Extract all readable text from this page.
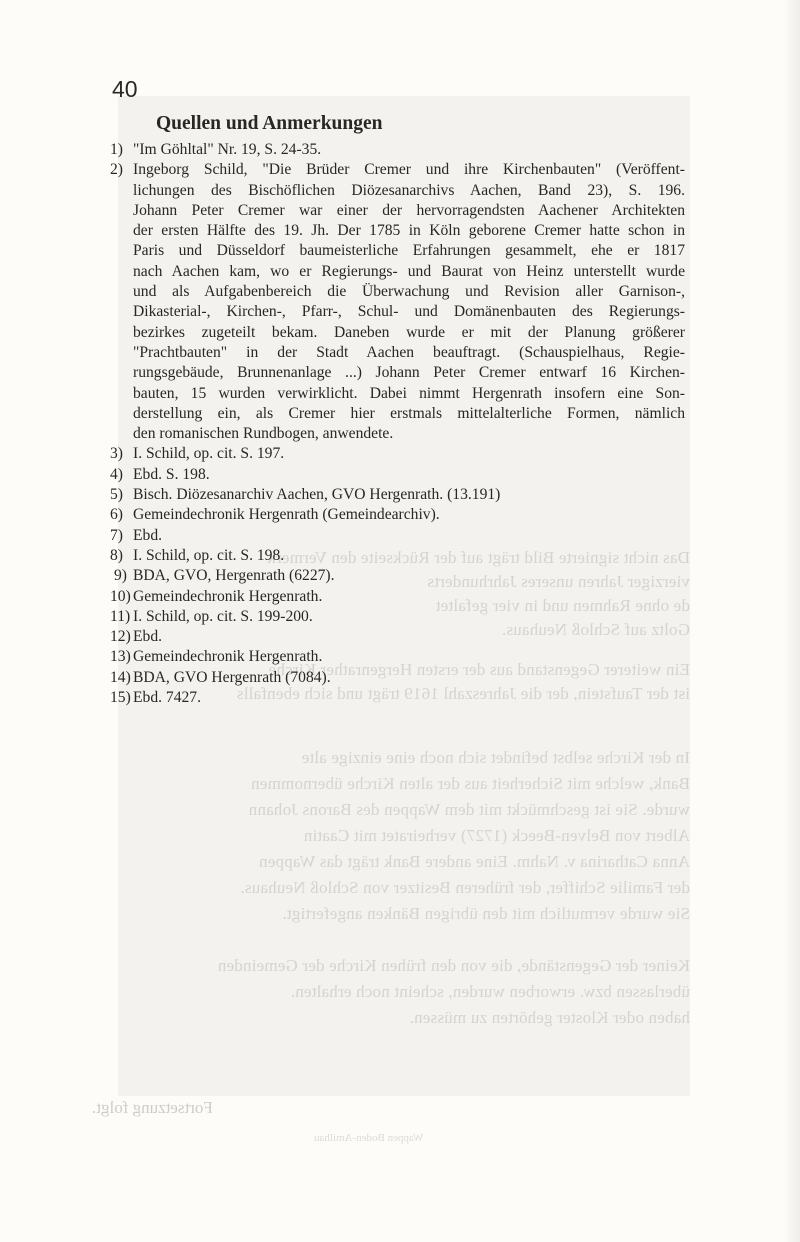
Das nicht signierte Bild trägt auf der Rückseite den Vermerk
vierziger Jahren unseres Jahrhunderts
de ohne Rahmen und in vier gefaltet
Goltz auf Schloß Neuhaus.
Ein weiterer Gegenstand aus der ersten Hergenrather Kirche
ist der Taufstein, der die Jahreszahl 1619 trägt und sich ebenfalls
In der Kirche selbst befindet sich noch eine einzige alte
Bank, welche mit Sicherheit aus der alten Kirche übernommen
wurde. Sie ist geschmückt mit dem Wappen des Barons Johann
Albert von Belven-Beeck (1727) verheiratet mit Caatin
Anna Catharina v. Nahm. Eine andere Bank trägt das Wappen
der Familie Schiffer, der früheren Besitzer von Schloß Neuhaus.
Sie wurde vermutlich mit den übrigen Bänken angefertigt.
Keiner der Gegenstände, die von den frühen Kirche der Gemeinden
überlassen bzw. erworben wurden, scheint noch erhalten.
haben oder Kloster gehörten zu müssen.
Fortsetzung folgt.
Wappen Boden-Amilhau
40
Quellen und Anmerkungen
1) "Im Göhltal" Nr. 19, S. 24-35.
2) Ingeborg Schild, "Die Brüder Cremer und ihre Kirchenbauten" (Veröffent-
lichungen des Bischöflichen Diözesanarchivs Aachen, Band 23), S. 196.
Johann Peter Cremer war einer der hervorragendsten Aachener Architekten
der ersten Hälfte des 19. Jh. Der 1785 in Köln geborene Cremer hatte schon in
Paris und Düsseldorf baumeisterliche Erfahrungen gesammelt, ehe er 1817
nach Aachen kam, wo er Regierungs- und Baurat von Heinz unterstellt wurde
und als Aufgabenbereich die Überwachung und Revision aller Garnison-,
Dikasterial-, Kirchen-, Pfarr-, Schul- und Domänenbauten des Regierungs-
bezirkes zugeteilt bekam. Daneben wurde er mit der Planung größerer
"Prachtbauten" in der Stadt Aachen beauftragt. (Schauspielhaus, Regie-
rungsgebäude, Brunnenanlage ...) Johann Peter Cremer entwarf 16 Kirchen-
bauten, 15 wurden verwirklicht. Dabei nimmt Hergenrath insofern eine Son-
derstellung ein, als Cremer hier erstmals mittelalterliche Formen, nämlich
den romanischen Rundbogen, anwendete.
3) I. Schild, op. cit. S. 197.
4) Ebd. S. 198.
5) Bisch. Diözesanarchiv Aachen, GVO Hergenrath. (13.191)
6) Gemeindechronik Hergenrath (Gemeindearchiv).
7) Ebd.
8) I. Schild, op. cit. S. 198.
9) BDA, GVO, Hergenrath (6227).
10) Gemeindechronik Hergenrath.
11) I. Schild, op. cit. S. 199-200.
12) Ebd.
13) Gemeindechronik Hergenrath.
14) BDA, GVO Hergenrath (7084).
15) Ebd. 7427.
